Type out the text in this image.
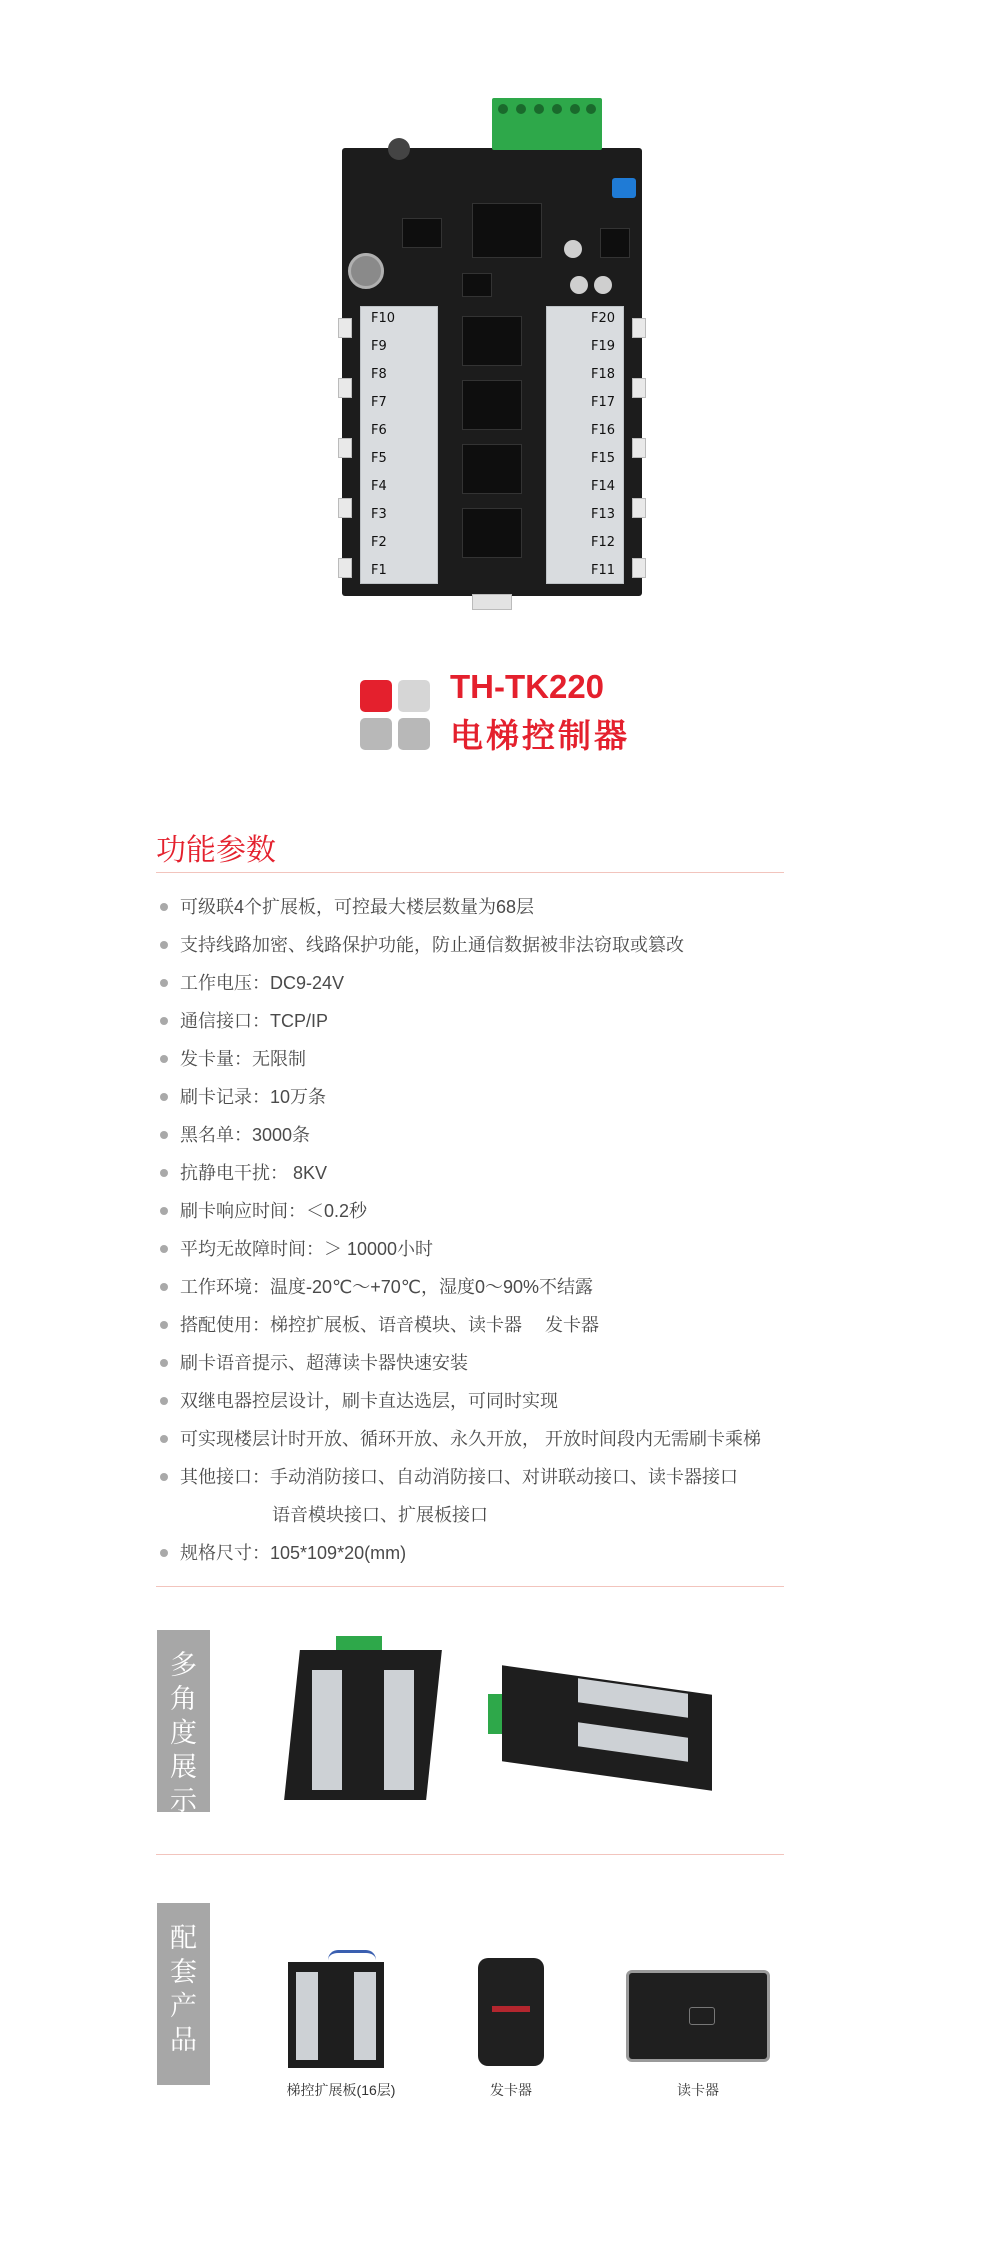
F10
F9
F8
F7
F6
F5
F4
F3
F2
F1
F20
F19
F18
F17
F16
F15
F14
F13
F12
F11
TH-TK220
电梯控制器
功能参数
可级联4个扩展板，可控最大楼层数量为68层
支持线路加密、线路保护功能，防止通信数据被非法窃取或篡改
工作电压：DC9-24V
通信接口：TCP/IP
发卡量：无限制
刷卡记录：10万条
黑名单：3000条
抗静电干扰： 8KV
刷卡响应时间：＜0.2秒
平均无故障时间：＞ 10000小时
工作环境：温度-20℃～+70℃，湿度0～90%不结露
搭配使用：梯控扩展板、语音模块、读卡器　 发卡器
刷卡语音提示、超薄读卡器快速安装
双继电器控层设计，刷卡直达选层，可同时实现
可实现楼层计时开放、循环开放、永久开放， 开放时间段内无需刷卡乘梯
其他接口：手动消防接口、自动消防接口、对讲联动接口、读卡器接口
语音模块接口、扩展板接口
规格尺寸：105*109*20(mm)
多角度展示
配套产品
梯控扩展板(16层)	发卡器	读卡器
